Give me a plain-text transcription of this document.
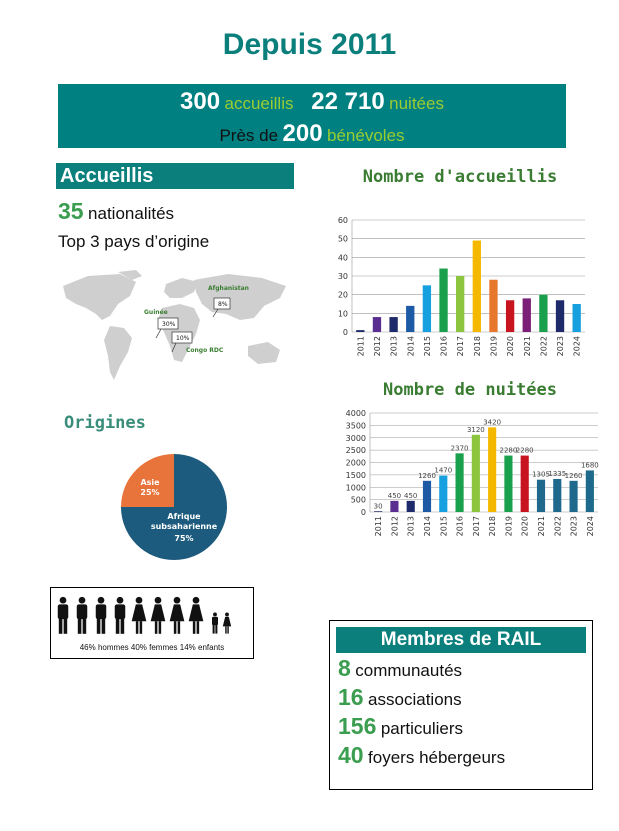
Depuis 2011
300 accueillis 22 710 nuitées
Près de 200 bénévoles
Accueillis
35 nationalités
Top 3 pays d’origine
Afghanistan
8%
Guinée
30%
10%
Congo RDC
Nombre d'accueillis
0
10
20
30
40
50
60
2011 2012 2013 2014 2015 2016 2017 2018 2019 2020 2021 2022 2023 2024
Nombre de nuitées
0
500
1000
1500
2000
2500
3000
3500
4000
30
2011
450
2012
450
2013
1260
2014
1470
2015
2370
2016
3120
2017
3420
2018
2280
2019
2280
2020
1305
2021
1335
2022
1260
2023
1680
2024
Origines
Afrique
subsaharienne
75%
Asie
25%
46% hommes 40% femmes 14% enfants	Membres de RAIL
8 communautés
16 associations
156 particuliers
40 foyers hébergeurs
